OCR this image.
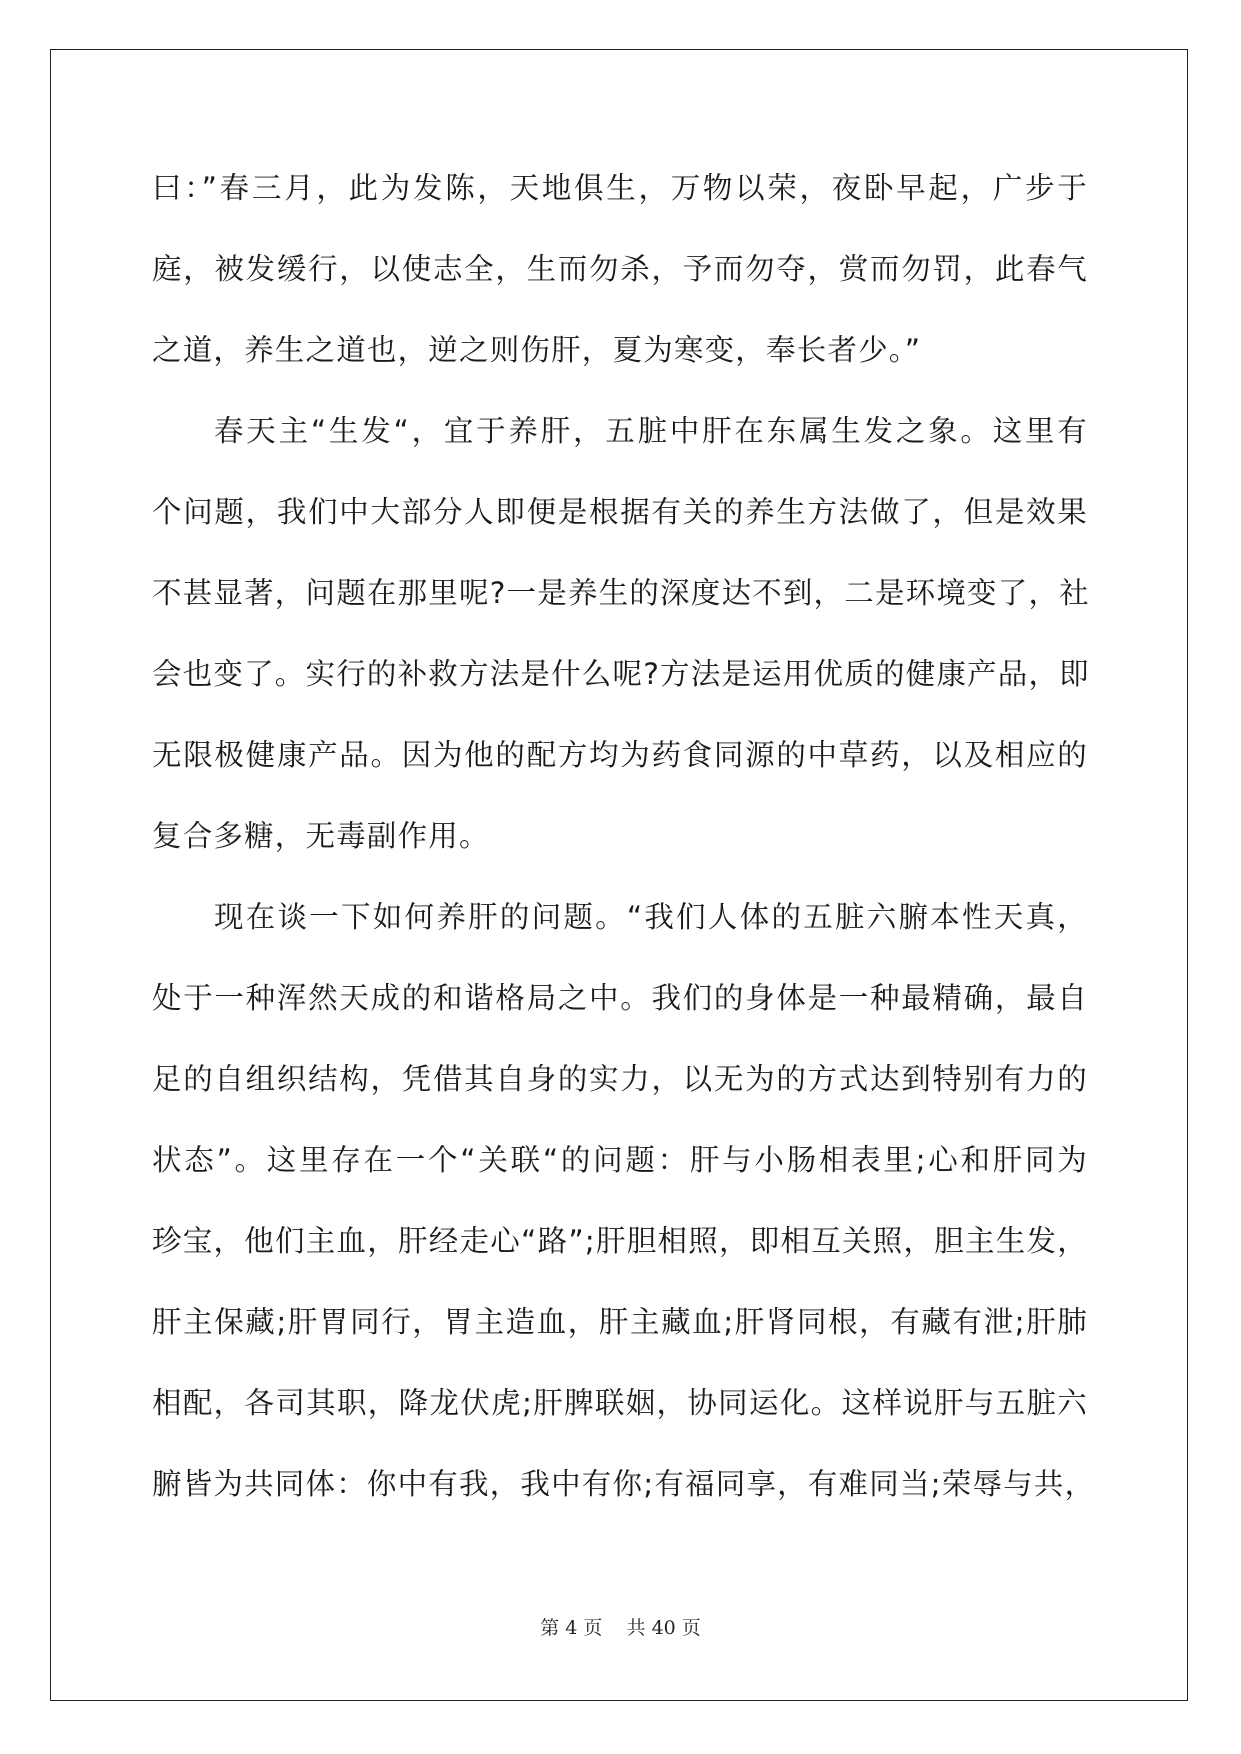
曰：”春三月，此为发陈，天地俱生，万物以荣，夜卧早起，广步于
庭，被发缓行，以使志全，生而勿杀，予而勿夺，赏而勿罚，此春气
之道，养生之道也，逆之则伤肝，夏为寒变，奉长者少。”
春天主“生发“，宜于养肝，五脏中肝在东属生发之象。这里有
个问题，我们中大部分人即便是根据有关的养生方法做了，但是效果
不甚显著，问题在那里呢?一是养生的深度达不到，二是环境变了，社
会也变了。实行的补救方法是什么呢?方法是运用优质的健康产品，即
无限极健康产品。因为他的配方均为药食同源的中草药，以及相应的
复合多糖，无毒副作用。
现在谈一下如何养肝的问题。“我们人体的五脏六腑本性天真，
处于一种浑然天成的和谐格局之中。我们的身体是一种最精确，最自
足的自组织结构，凭借其自身的实力，以无为的方式达到特别有力的
状态”。这里存在一个“关联“的问题：肝与小肠相表里;心和肝同为
珍宝，他们主血，肝经走心“路”;肝胆相照，即相互关照，胆主生发，
肝主保藏;肝胃同行，胃主造血，肝主藏血;肝肾同根，有藏有泄;肝肺
相配，各司其职，降龙伏虎;肝脾联姻，协同运化。这样说肝与五脏六
腑皆为共同体：你中有我，我中有你;有福同享，有难同当;荣辱与共，
第 4 页    共 40 页
